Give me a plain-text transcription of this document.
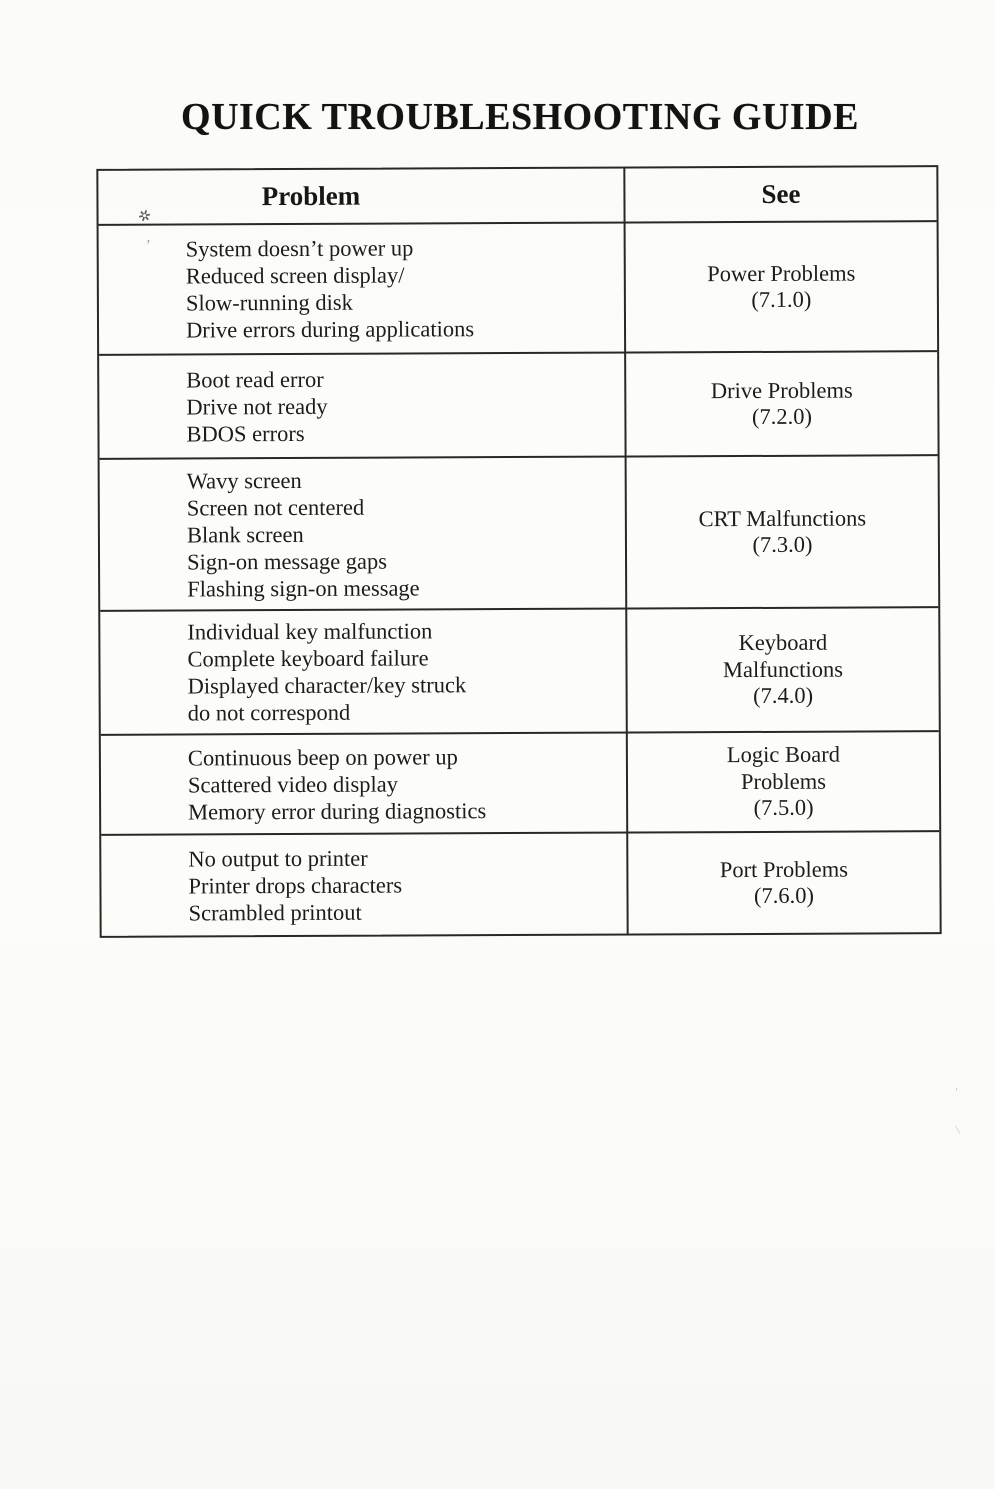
QUICK TROUBLESHOOTING GUIDE
Problem	See
System doesn’t power up
Reduced screen display/
Slow-running disk
Drive errors during applications
Power Problems
(7.1.0)
Boot read error
Drive not ready
BDOS errors
Drive Problems
(7.2.0)
Wavy screen
Screen not centered
Blank screen
Sign-on message gaps
Flashing sign-on message
CRT Malfunctions
(7.3.0)
Individual key malfunction
Complete keyboard failure
Displayed character/key struck
do not correspond
Keyboard
Malfunctions
(7.4.0)
Continuous beep on power up
Scattered video display
Memory error during diagnostics
Logic Board
Problems
(7.5.0)
No output to printer
Printer drops characters
Scrambled printout
Port Problems
(7.6.0)
✲
’
'
\
